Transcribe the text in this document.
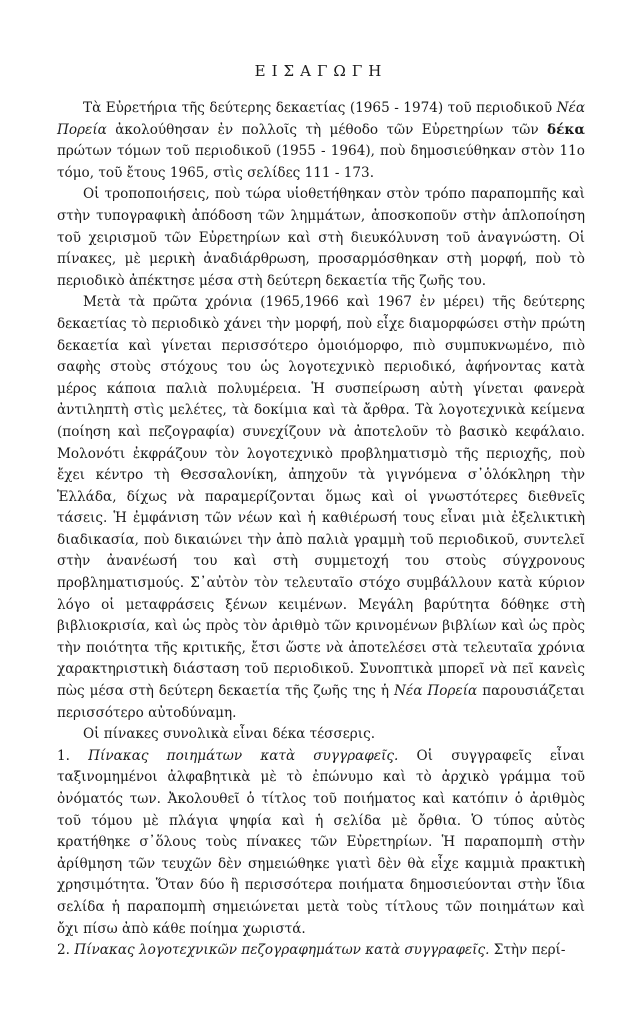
ΕΙΣΑΓΩΓΗ

Τὰ Εὐρετήρια τῆς δεύτερης δεκαετίας (1965 - 1974) τοῦ περιοδικοῦ Νέα Πορεία ἀκολούθησαν ἐν πολλοῖς τὴ μέθοδο τῶν Εὐρετηρίων τῶν δέκα πρώτων τόμων τοῦ περιοδικοῦ (1955 - 1964), ποὺ δημοσιεύθηκαν στὸν 11ο τόμο, τοῦ ἔτους 1965, στὶς σελίδες 111 - 173.

Οἱ τροποποιήσεις, ποὺ τώρα υἱοθετήθηκαν στὸν τρόπο παραπομπῆς καὶ στὴν τυπογραφικὴ ἀπόδοση τῶν λημμάτων, ἀποσκοποῦν στὴν ἁπλοποίηση τοῦ χειρισμοῦ τῶν Εὐρετηρίων καὶ στὴ διευκόλυνση τοῦ ἀναγνώστη. Οἱ πίνακες, μὲ μερικὴ ἀναδιάρθρωση, προσαρμόσθηκαν στὴ μορφή, ποὺ τὸ περιοδικὸ ἀπέκτησε μέσα στὴ δεύτερη δεκαετία τῆς ζωῆς του.

Μετὰ τὰ πρῶτα χρόνια (1965,1966 καὶ 1967 ἐν μέρει) τῆς δεύτερης δεκαετίας τὸ περιοδικὸ χάνει τὴν μορφή, ποὺ εἶχε διαμορφώσει στὴν πρώτη δεκαετία καὶ γίνεται περισσότερο ὁμοιόμορφο, πιὸ συμπυκνωμένο, πιὸ σαφὴς στοὺς στόχους του ὡς λογοτεχνικὸ περιοδικό, ἀφήνοντας κατὰ μέρος κάποια παλιὰ πολυμέρεια. Ἡ συσπείρωση αὐτὴ γίνεται φανερὰ ἀντιληπτὴ στὶς μελέτες, τὰ δοκίμια καὶ τὰ ἄρθρα. Τὰ λογοτεχνικὰ κείμενα (ποίηση καὶ πεζογραφία) συνεχίζουν νὰ ἀποτελοῦν τὸ βασικὸ κεφάλαιο. Μολονότι ἐκφράζουν τὸν λογοτεχνικὸ προβληματισμὸ τῆς περιοχῆς, ποὺ ἔχει κέντρο τὴ Θεσσαλονίκη, ἀπηχοῦν τὰ γιγνόμενα σ᾽ὁλόκληρη τὴν Ἑλλάδα, δίχως νὰ παραμερίζονται ὅμως καὶ οἱ γνωστότερες διεθνεῖς τάσεις. Ἡ ἐμφάνιση τῶν νέων καὶ ἡ καθιέρωσή τους εἶναι μιὰ ἐξελικτικὴ διαδικασία, ποὺ δικαιώνει τὴν ἀπὸ παλιὰ γραμμὴ τοῦ περιοδικοῦ, συντελεῖ στὴν ἀνανέωσή του καὶ στὴ συμμετοχή του στοὺς σύγχρονους προβληματισμούς. Σ᾽αὐτὸν τὸν τελευταῖο στόχο συμβάλλουν κατὰ κύριον λόγο οἱ μεταφράσεις ξένων κειμένων. Μεγάλη βαρύτητα δόθηκε στὴ βιβλιοκρισία, καὶ ὡς πρὸς τὸν ἀριθμὸ τῶν κρινομένων βιβλίων καὶ ὡς πρὸς τὴν ποιότητα τῆς κριτικῆς, ἔτσι ὥστε νὰ ἀποτελέσει στὰ τελευταῖα χρόνια χαρακτηριστικὴ διάσταση τοῦ περιοδικοῦ. Συνοπτικὰ μπορεῖ νὰ πεῖ κανεὶς πὼς μέσα στὴ δεύτερη δεκαετία τῆς ζωῆς της ἡ Νέα Πορεία παρουσιάζεται περισσότερο αὐτοδύναμη.

Οἱ πίνακες συνολικὰ εἶναι δέκα τέσσερις.

1. Πίνακας ποιημάτων κατὰ συγγραφεῖς. Οἱ συγγραφεῖς εἶναι ταξινομημένοι ἀλφαβητικὰ μὲ τὸ ἐπώνυμο καὶ τὸ ἀρχικὸ γράμμα τοῦ ὀνόματός των. Ἀκολουθεῖ ὁ τίτλος τοῦ ποιήματος καὶ κατόπιν ὁ ἀριθμὸς τοῦ τόμου μὲ πλάγια ψηφία καὶ ἡ σελίδα μὲ ὄρθια. Ὁ τύπος αὐτὸς κρατήθηκε σ᾽ὅλους τοὺς πίνακες τῶν Εὐρετηρίων. Ἡ παραπομπὴ στὴν ἀρίθμηση τῶν τευχῶν δὲν σημειώθηκε γιατὶ δὲν θὰ εἶχε καμμιὰ πρακτικὴ χρησιμότητα. Ὅταν δύο ἢ περισσότερα ποιήματα δημοσιεύονται στὴν ἴδια σελίδα ἡ παραπομπὴ σημειώνεται μετὰ τοὺς τίτλους τῶν ποιημάτων καὶ ὄχι πίσω ἀπὸ κάθε ποίημα χωριστά.

2. Πίνακας λογοτεχνικῶν πεζογραφημάτων κατὰ συγγραφεῖς. Στὴν περί-
